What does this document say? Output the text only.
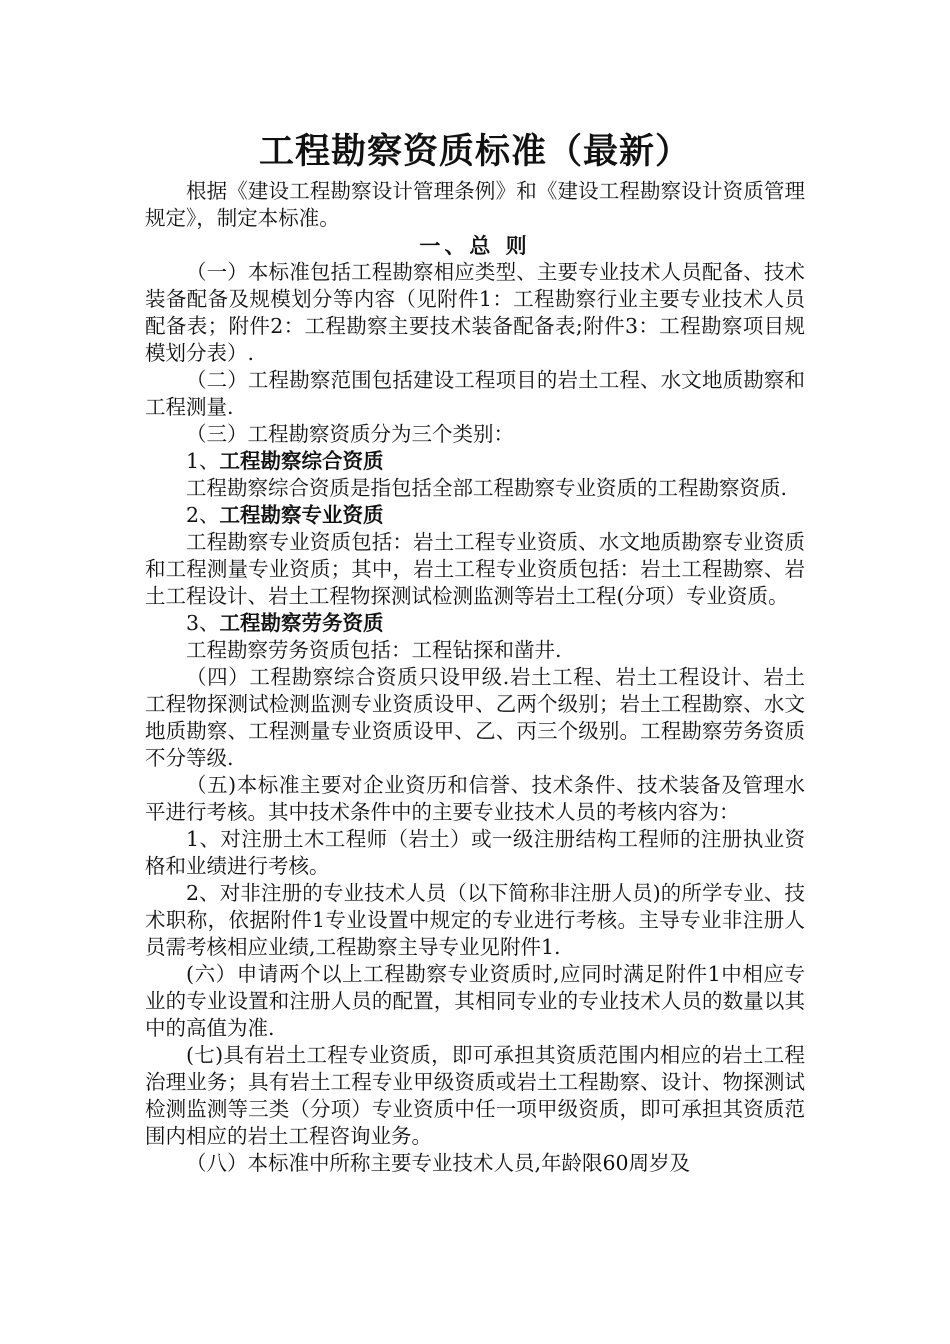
工程勘察资质标准（最新）

根据《建设工程勘察设计管理条例》和《建设工程勘察设计资质管理规定》，制定本标准。

一、总 则

（一）本标准包括工程勘察相应类型、主要专业技术人员配备、技术装备配备及规模划分等内容（见附件1：工程勘察行业主要专业技术人员配备表；附件2：工程勘察主要技术装备配备表;附件3：工程勘察项目规模划分表）.

（二）工程勘察范围包括建设工程项目的岩土工程、水文地质勘察和工程测量.

（三）工程勘察资质分为三个类别：

1、工程勘察综合资质

工程勘察综合资质是指包括全部工程勘察专业资质的工程勘察资质.

2、工程勘察专业资质

工程勘察专业资质包括：岩土工程专业资质、水文地质勘察专业资质和工程测量专业资质；其中，岩土工程专业资质包括：岩土工程勘察、岩土工程设计、岩土工程物探测试检测监测等岩土工程(分项）专业资质。

3、工程勘察劳务资质

工程勘察劳务资质包括：工程钻探和凿井.

（四）工程勘察综合资质只设甲级.岩土工程、岩土工程设计、岩土工程物探测试检测监测专业资质设甲、乙两个级别；岩土工程勘察、水文地质勘察、工程测量专业资质设甲、乙、丙三个级别。工程勘察劳务资质不分等级.

（五)本标准主要对企业资历和信誉、技术条件、技术装备及管理水平进行考核。其中技术条件中的主要专业技术人员的考核内容为：

1、对注册土木工程师（岩土）或一级注册结构工程师的注册执业资格和业绩进行考核。

2、对非注册的专业技术人员（以下简称非注册人员)的所学专业、技术职称，依据附件1专业设置中规定的专业进行考核。主导专业非注册人员需考核相应业绩,工程勘察主导专业见附件1.

(六）申请两个以上工程勘察专业资质时,应同时满足附件1中相应专业的专业设置和注册人员的配置，其相同专业的专业技术人员的数量以其中的高值为准.

(七)具有岩土工程专业资质，即可承担其资质范围内相应的岩土工程治理业务；具有岩土工程专业甲级资质或岩土工程勘察、设计、物探测试检测监测等三类（分项）专业资质中任一项甲级资质，即可承担其资质范围内相应的岩土工程咨询业务。

（八）本标准中所称主要专业技术人员,年龄限60周岁及
